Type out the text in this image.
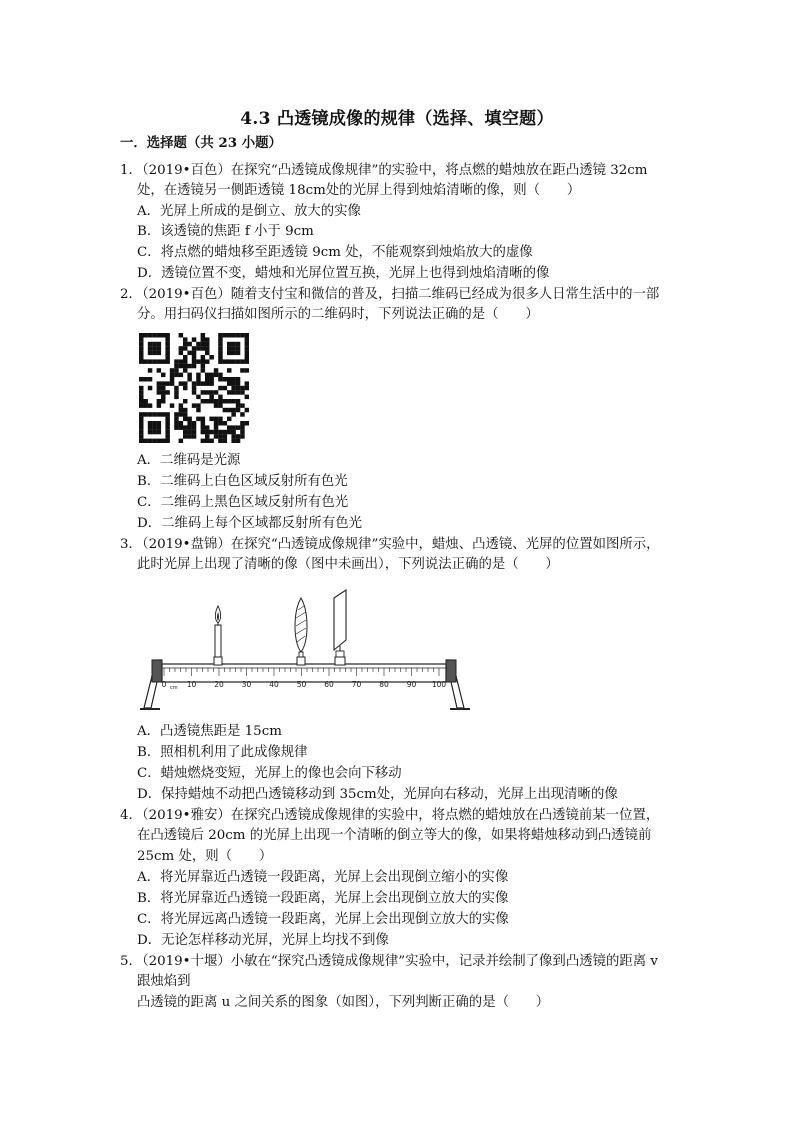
4.3 凸透镜成像的规律（选择、填空题）
一．选择题（共 23 小题）
1．（2019•百色）在探究“凸透镜成像规律”的实验中，将点燃的蜡烛放在距凸透镜 32cm
处，在透镜另一侧距透镜 18cm处的光屏上得到烛焰清晰的像，则（　　）
A．光屏上所成的是倒立、放大的实像
B．该透镜的焦距 f 小于 9cm
C．将点燃的蜡烛移至距透镜 9cm 处，不能观察到烛焰放大的虚像
D．透镜位置不变，蜡烛和光屏位置互换，光屏上也得到烛焰清晰的像
2．（2019•百色）随着支付宝和微信的普及，扫描二维码已经成为很多人日常生活中的一部
分。用扫码仪扫描如图所示的二维码时，下列说法正确的是（　　）
A．二维码是光源
B．二维码上白色区域反射所有色光
C．二维码上黑色区域反射所有色光
D．二维码上每个区域都反射所有色光
3．（2019•盘锦）在探究“凸透镜成像规律”实验中，蜡烛、凸透镜、光屏的位置如图所示，
此时光屏上出现了清晰的像（图中未画出），下列说法正确的是（　　）
0	10 20 30 40 50 60 70 80 90 100
cm
A．凸透镜焦距是 15cm
B．照相机利用了此成像规律
C．蜡烛燃烧变短，光屏上的像也会向下移动
D．保持蜡烛不动把凸透镜移动到 35cm处，光屏向右移动，光屏上出现清晰的像
4．（2019•雅安）在探究凸透镜成像规律的实验中，将点燃的蜡烛放在凸透镜前某一位置，
在凸透镜后 20cm 的光屏上出现一个清晰的倒立等大的像，如果将蜡烛移动到凸透镜前
25cm 处，则（　　）
A．将光屏靠近凸透镜一段距离，光屏上会出现倒立缩小的实像
B．将光屏靠近凸透镜一段距离，光屏上会出现倒立放大的实像
C．将光屏远离凸透镜一段距离，光屏上会出现倒立放大的实像
D．无论怎样移动光屏，光屏上均找不到像
5．（2019•十堰）小敏在“探究凸透镜成像规律”实验中，记录并绘制了像到凸透镜的距离 v
跟烛焰到
凸透镜的距离 u 之间关系的图象（如图），下列判断正确的是（　　）
